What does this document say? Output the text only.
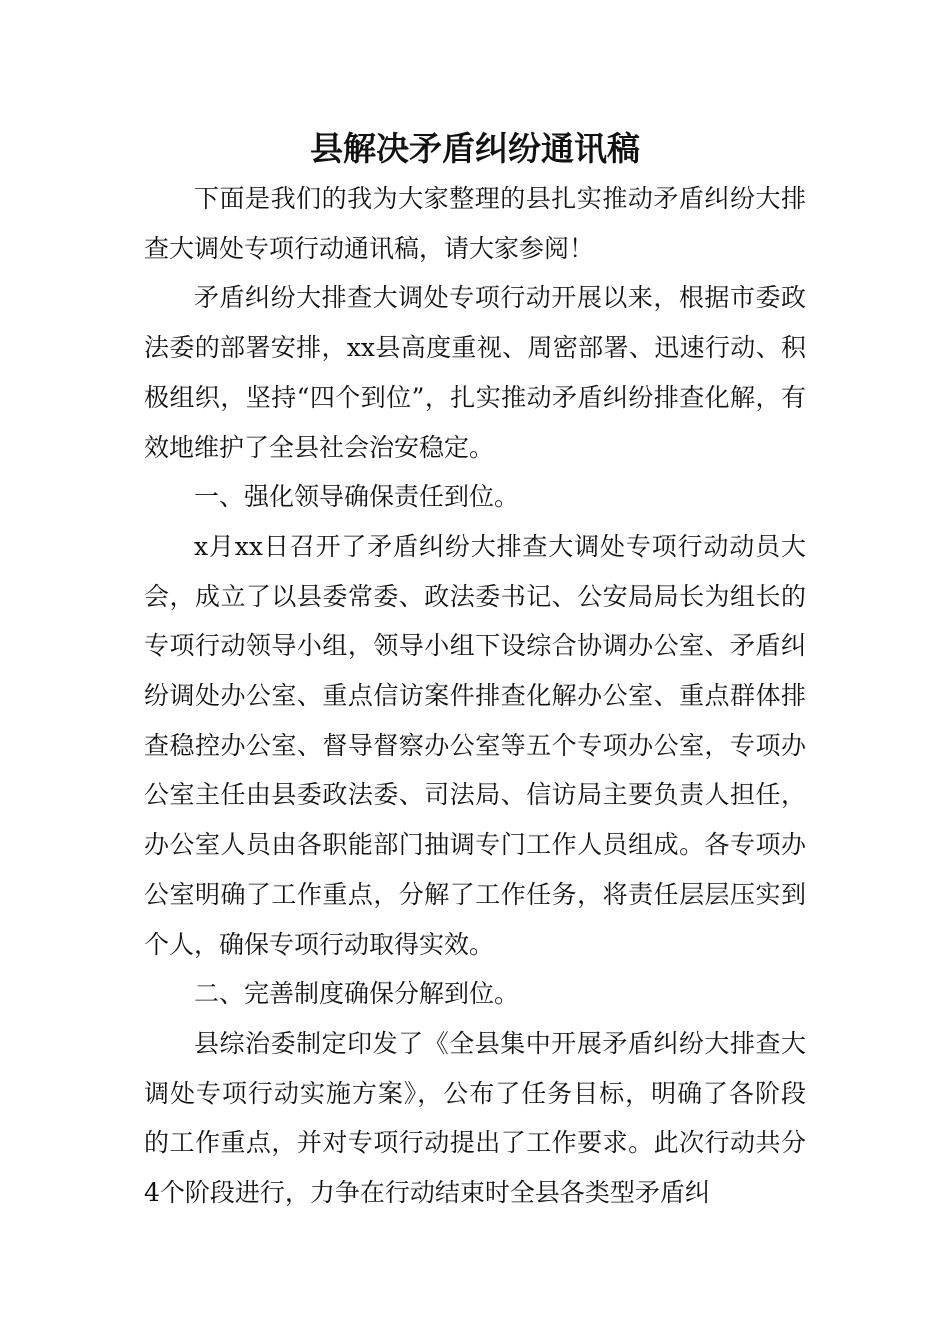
县解决矛盾纠纷通讯稿

下面是我们的我为大家整理的县扎实推动矛盾纠纷大排查大调处专项行动通讯稿，请大家参阅！

矛盾纠纷大排查大调处专项行动开展以来，根据市委政法委的部署安排，xx县高度重视、周密部署、迅速行动、积极组织，坚持“四个到位”，扎实推动矛盾纠纷排查化解，有效地维护了全县社会治安稳定。

一、强化领导确保责任到位。

x月xx日召开了矛盾纠纷大排查大调处专项行动动员大会，成立了以县委常委、政法委书记、公安局局长为组长的专项行动领导小组，领导小组下设综合协调办公室、矛盾纠纷调处办公室、重点信访案件排查化解办公室、重点群体排查稳控办公室、督导督察办公室等五个专项办公室，专项办公室主任由县委政法委、司法局、信访局主要负责人担任，办公室人员由各职能部门抽调专门工作人员组成。各专项办公室明确了工作重点，分解了工作任务，将责任层层压实到个人，确保专项行动取得实效。

二、完善制度确保分解到位。

县综治委制定印发了《全县集中开展矛盾纠纷大排查大调处专项行动实施方案》，公布了任务目标，明确了各阶段的工作重点，并对专项行动提出了工作要求。此次行动共分4个阶段进行，力争在行动结束时全县各类型矛盾纠
